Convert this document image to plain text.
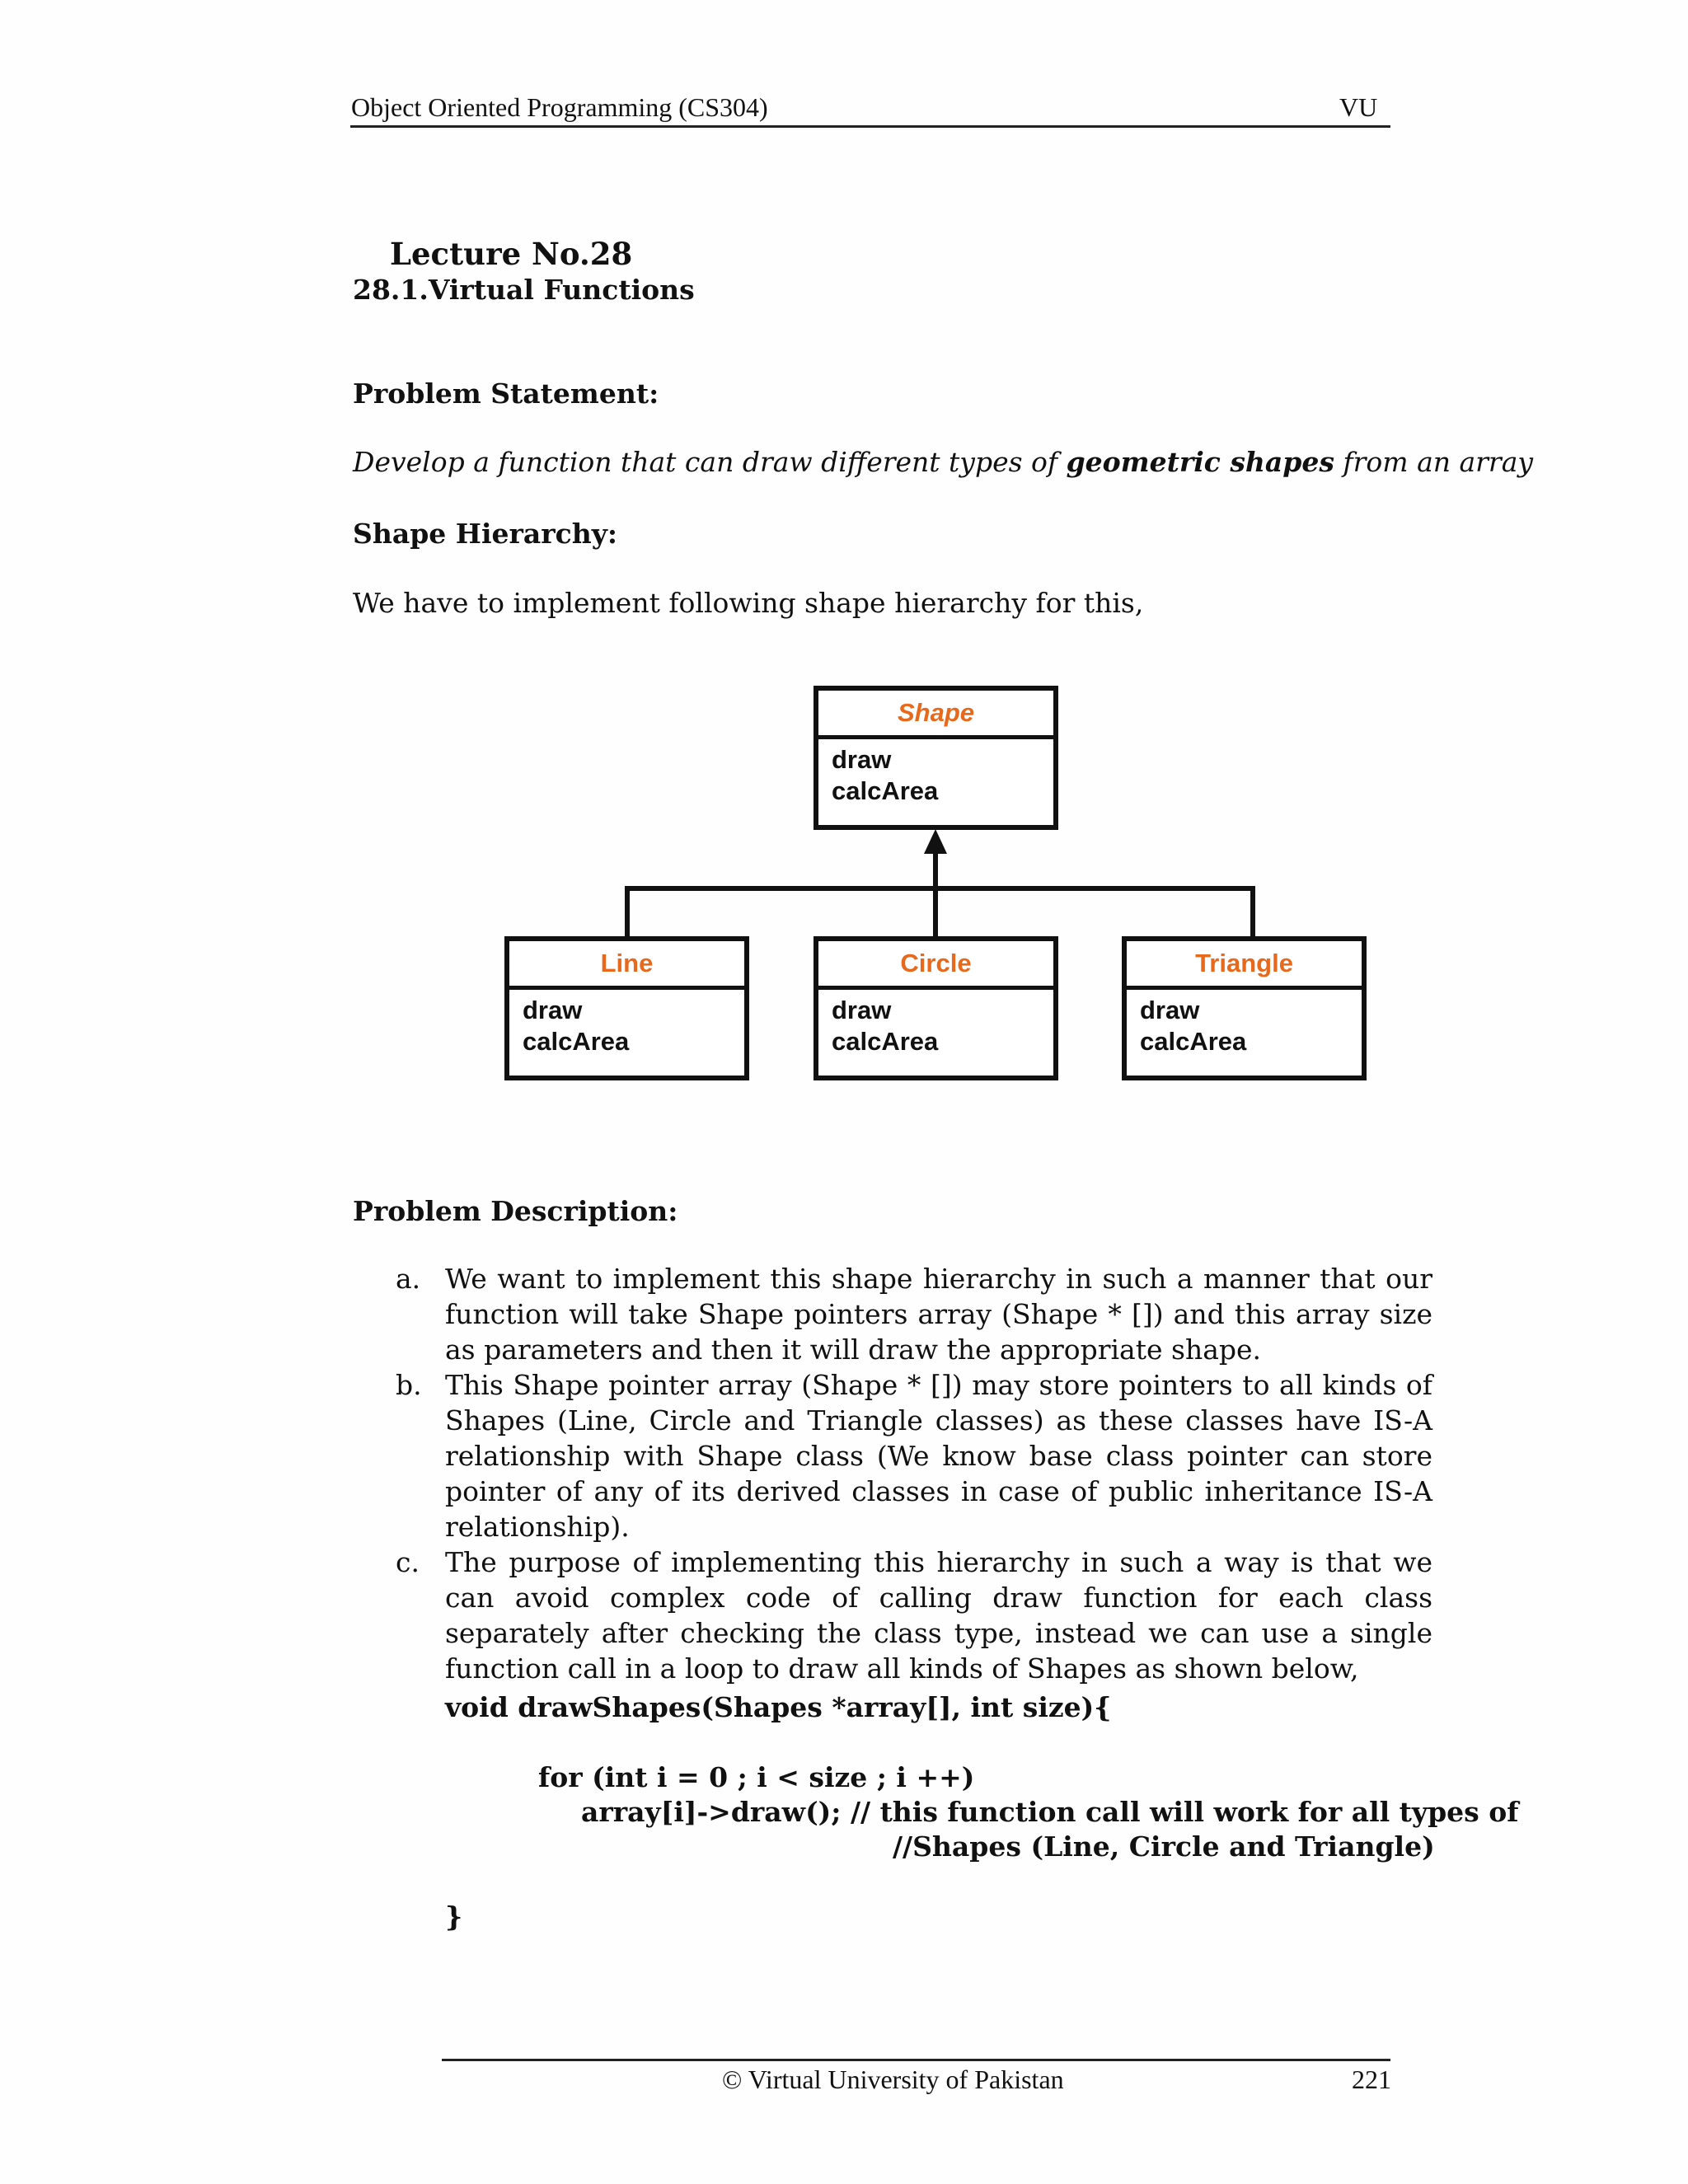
Object Oriented Programming (CS304)	VU
Lecture No.28
28.1.Virtual Functions
Problem Statement:
Develop a function that can draw different types of geometric shapes from an array
Shape Hierarchy:
We have to implement following shape hierarchy for this,
Shape
draw
calcArea
Line
draw
calcArea
Circle
draw
calcArea
Triangle
draw
calcArea
Problem Description:
a. We want to implement this shape hierarchy in such a manner that our function will take Shape pointers array (Shape * []) and this array size as parameters and then it will draw the appropriate shape.
b. This Shape pointer array (Shape * []) may store pointers to all kinds of Shapes (Line, Circle and Triangle classes) as these classes have IS-A relationship with Shape class (We know base class pointer can store pointer of any of its derived classes in case of public inheritance IS-A relationship).
c. The purpose of implementing this hierarchy in such a way is that we can avoid complex code of calling draw function for each class separately after checking the class type, instead we can use a single function call in a loop to draw all kinds of Shapes as shown below,
void drawShapes(Shapes *array[], int size){
for (int i = 0 ; i < size ; i ++)
array[i]->draw(); // this function call will work for all types of
//Shapes (Line, Circle and Triangle)
}
© Virtual University of Pakistan	221
